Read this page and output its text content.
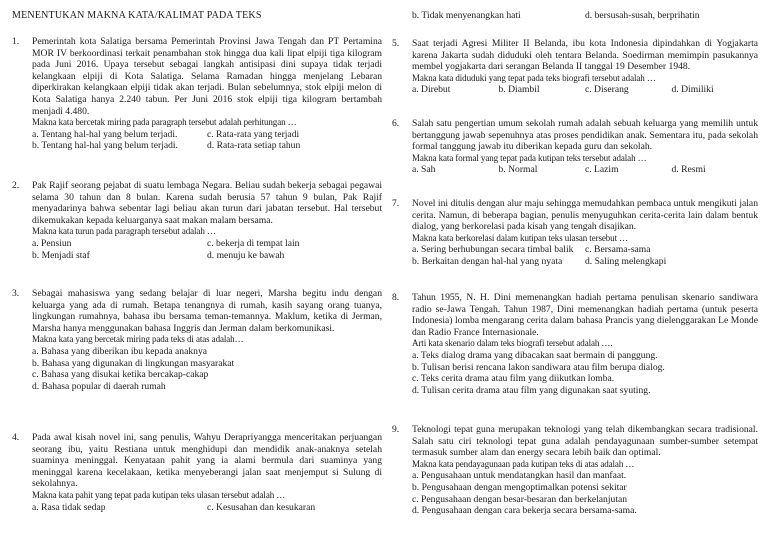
MENENTUKAN MAKNA KATA/KALIMAT PADA TEKS
1. Pemerintah kota Salatiga bersama Pemerintah Provinsi Jawa Tengah dan PT Pertamina MOR IV berkoordinasi terkait penambahan stok hingga dua kali lipat elpiji tiga kilogram pada Juni 2016. Upaya tersebut sebagai langkah antisipasi dini supaya tidak terjadi kelangkaan elpiji di Kota Salatiga. Selama Ramadan hingga menjelang Lebaran diperkirakan kelangkaan elpiji tidak akan terjadi. Bulan sebelumnya, stok elpiji melon di Kota Salatiga hanya 2.240 tabun. Per Juni 2016 stok elpiji tiga kilogram bertambah menjadi 4.480.
Makna kata bercetak miring pada paragraph tersebut adalah perhitungan …
a. Tentang hal-hal yang belum terjadi.	c. Rata-rata yang terjadi
b. Tentang hal-hal yang belum terjadi.	d. Rata-rata setiap tahun
2. Pak Rajif seorang pejabat di suatu lembaga Negara. Beliau sudah bekerja sebagai pegawai selama 30 tahun dan 8 bulan. Karena sudah berusia 57 tahun 9 bulan, Pak Rajif menyadarinya bahwa sebentar lagi beliau akan turun dari jabatan tersebut. Hal tersebut dikemukakan kepada keluarganya saat makan malam bersama.
Makna kata turun pada paragraph tersebut adalah …
a. Pensiun	c. bekerja di tempat lain
b. Menjadi staf	d. menuju ke bawah
3. Sebagai mahasiswa yang sedang belajar di luar negeri, Marsha begitu indu dengan keluarga yang ada di rumah. Betapa tenangnya di rumah, kasih sayang orang tuanya, lingkungan rumahnya, bahasa ibu bersama teman-temannya. Maklum, ketika di Jerman, Marsha hanya menggunakan bahasa Inggris dan Jerman dalam berkomunikasi.
Makna kata yang bercetak miring pada teks di atas adalah…
a. Bahasa yang diberikan ibu kepada anaknya
b. Bahasa yang digunakan di lingkungan masyarakat
c. Bahasa yang disukai ketika bercakap-cakap
d. Bahasa popular di daerah rumah
4. Pada awal kisah novel ini, sang penulis, Wahyu Derapriyangga menceritakan perjuangan seorang ibu, yaitu Restiana untuk menghidupi dan mendidik anak-anaknya setelah suaminya meninggal. Kenyataan pahit yang ia alami bermula dari suaminya yang meninggal karena kecelakaan, ketika menyeberangi jalan saat menjemput si Sulung di sekolahnya.
Makna kata pahit yang tepat pada kutipan teks ulasan tersebut adalah …
a. Rasa tidak sedap	c. Kesusahan dan kesukaran
b. Tidak menyenangkan hati	d. bersusah-susah, berprihatin
5. Saat terjadi Agresi Militer II Belanda, ibu kota Indonesia dipindahkan di Yogjakarta karena Jakarta sudah diduduki oleh tentara Belanda. Soedirman memimpin pasukannya membel yogjakarta dari serangan Belanda II tanggal 19 Desember 1948.
Makna kata diduduki yang tepat pada teks biografi tersebut adalah …
a. Direbut	b. Diambil	c. Diserang	d. Dimiliki
6. Salah satu pengertian umum sekolah rumah adalah sebuah keluarga yang memilih untuk bertanggung jawab sepenuhnya atas proses pendidikan anak. Sementara itu, pada sekolah formal tanggung jawab itu diberikan kepada guru dan sekolah.
Makna kata formal yang tepat pada kutipan teks tersebut adalah …
a. Sah	b. Normal	c. Lazim	d. Resmi
7. Novel ini ditulis dengan alur maju sehingga memudahkan pembaca untuk mengikuti jalan cerita. Namun, di beberapa bagian, penulis menyuguhkan cerita-cerita lain dalam bentuk dialog, yang berkorelasi pada kisah yang tengah disajikan.
Makna kata berkorelasi dalam kutipan teks ulasan tersebut …
a. Sering berhubungan secara timbal balik	c. Bersama-sama
b. Berkaitan dengan hal-hal yang nyata	d. Saling melengkapi
8. Tahun 1955, N. H. Dini memenangkan hadiah pertama penulisan skenario sandiwara radio se-Jawa Tengah. Tahun 1987, Dini memenangkan hadiah pertama (untuk peserta Indonesia) lomba mengarang cerita dalam bahasa Prancis yang dielenggarakan Le Monde dan Radio France Internasionale.
Arti kata skenario dalam teks biografi tersebut adalah ….
a. Teks dialog drama yang dibacakan saat bermain di panggung.
b. Tulisan berisi rencana lakon sandiwara atau film berupa dialog.
c. Teks cerita drama atau film yang diikutkan lomba.
d. Tulisan cerita drama atau film yang digunakan saat syuting.
9. Teknologi tepat guna merupakan teknologi yang telah dikembangkan secara tradisional. Salah satu ciri teknologi tepat guna adalah pendayagunaan sumber-sumber setempat termasuk sumber alam dan energy secara lebih baik dan optimal.
Makna kata pendayagunaan pada kutipan teks di atas adalah …
a. Pengusahaan untuk mendatangkan hasil dan manfaat.
b. Pengusahaan dengan mengoptimalkan potensi sekitar
c. Pengusahaan dengan besar-besaran dan berkelanjutan
d. Pengusahaan dengan cara bekerja secara bersama-sama.
